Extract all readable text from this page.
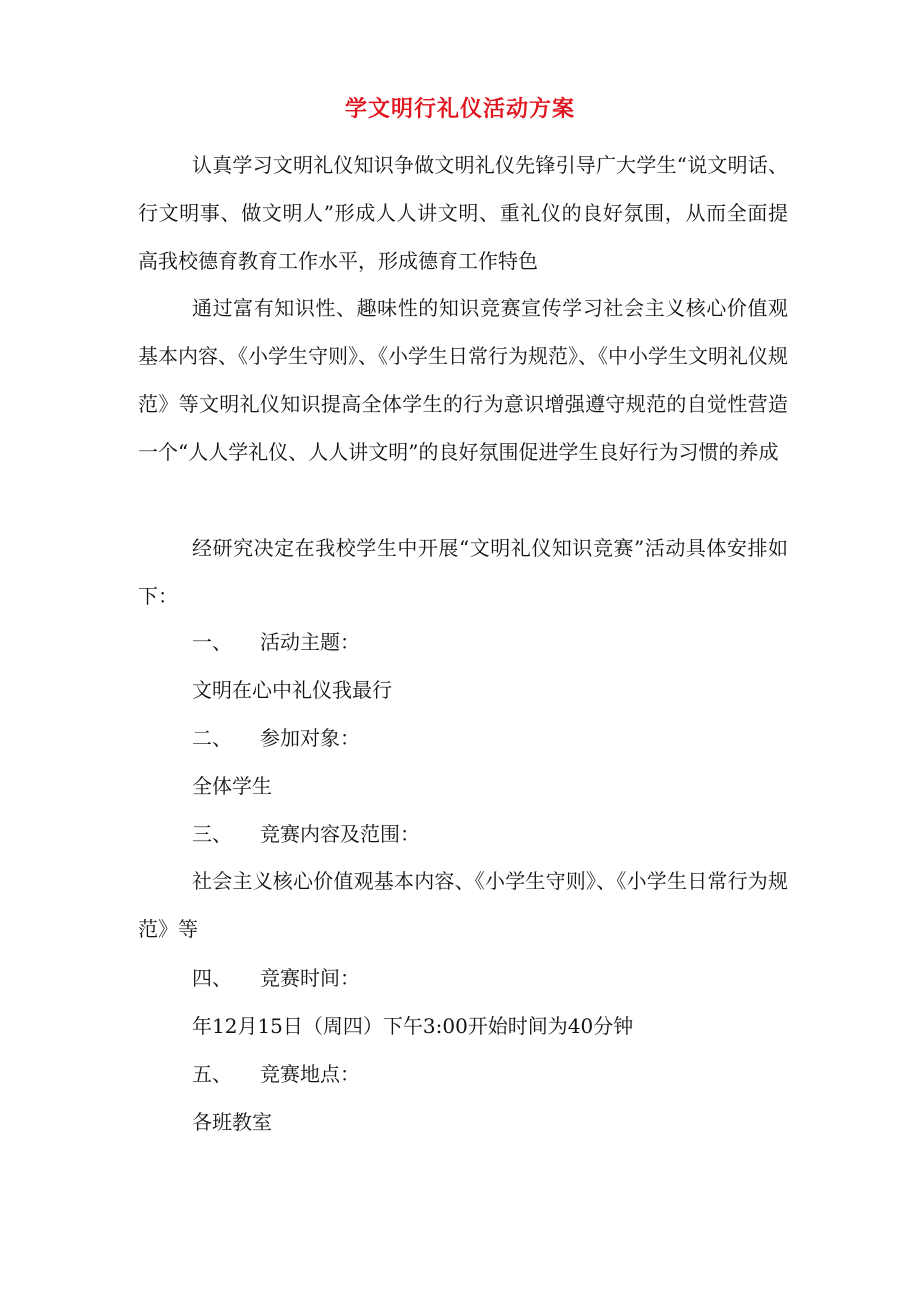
学文明行礼仪活动方案

认真学习文明礼仪知识争做文明礼仪先锋引导广大学生“说文明话、行文明事、做文明人”形成人人讲文明、重礼仪的良好氛围，从而全面提高我校德育教育工作水平，形成德育工作特色

通过富有知识性、趣味性的知识竞赛宣传学习社会主义核心价值观基本内容、《小学生守则》、《小学生日常行为规范》、《中小学生文明礼仪规范》等文明礼仪知识提高全体学生的行为意识增强遵守规范的自觉性营造一个“人人学礼仪、人人讲文明”的良好氛围促进学生良好行为习惯的养成

经研究决定在我校学生中开展“文明礼仪知识竞赛”活动具体安排如下：

一、 活动主题：
文明在心中礼仪我最行
二、 参加对象：
全体学生
三、 竞赛内容及范围：

社会主义核心价值观基本内容、《小学生守则》、《小学生日常行为规范》等

四、 竞赛时间：
年12月15日（周四）下午3:00开始时间为40分钟
五、 竞赛地点：
各班教室
